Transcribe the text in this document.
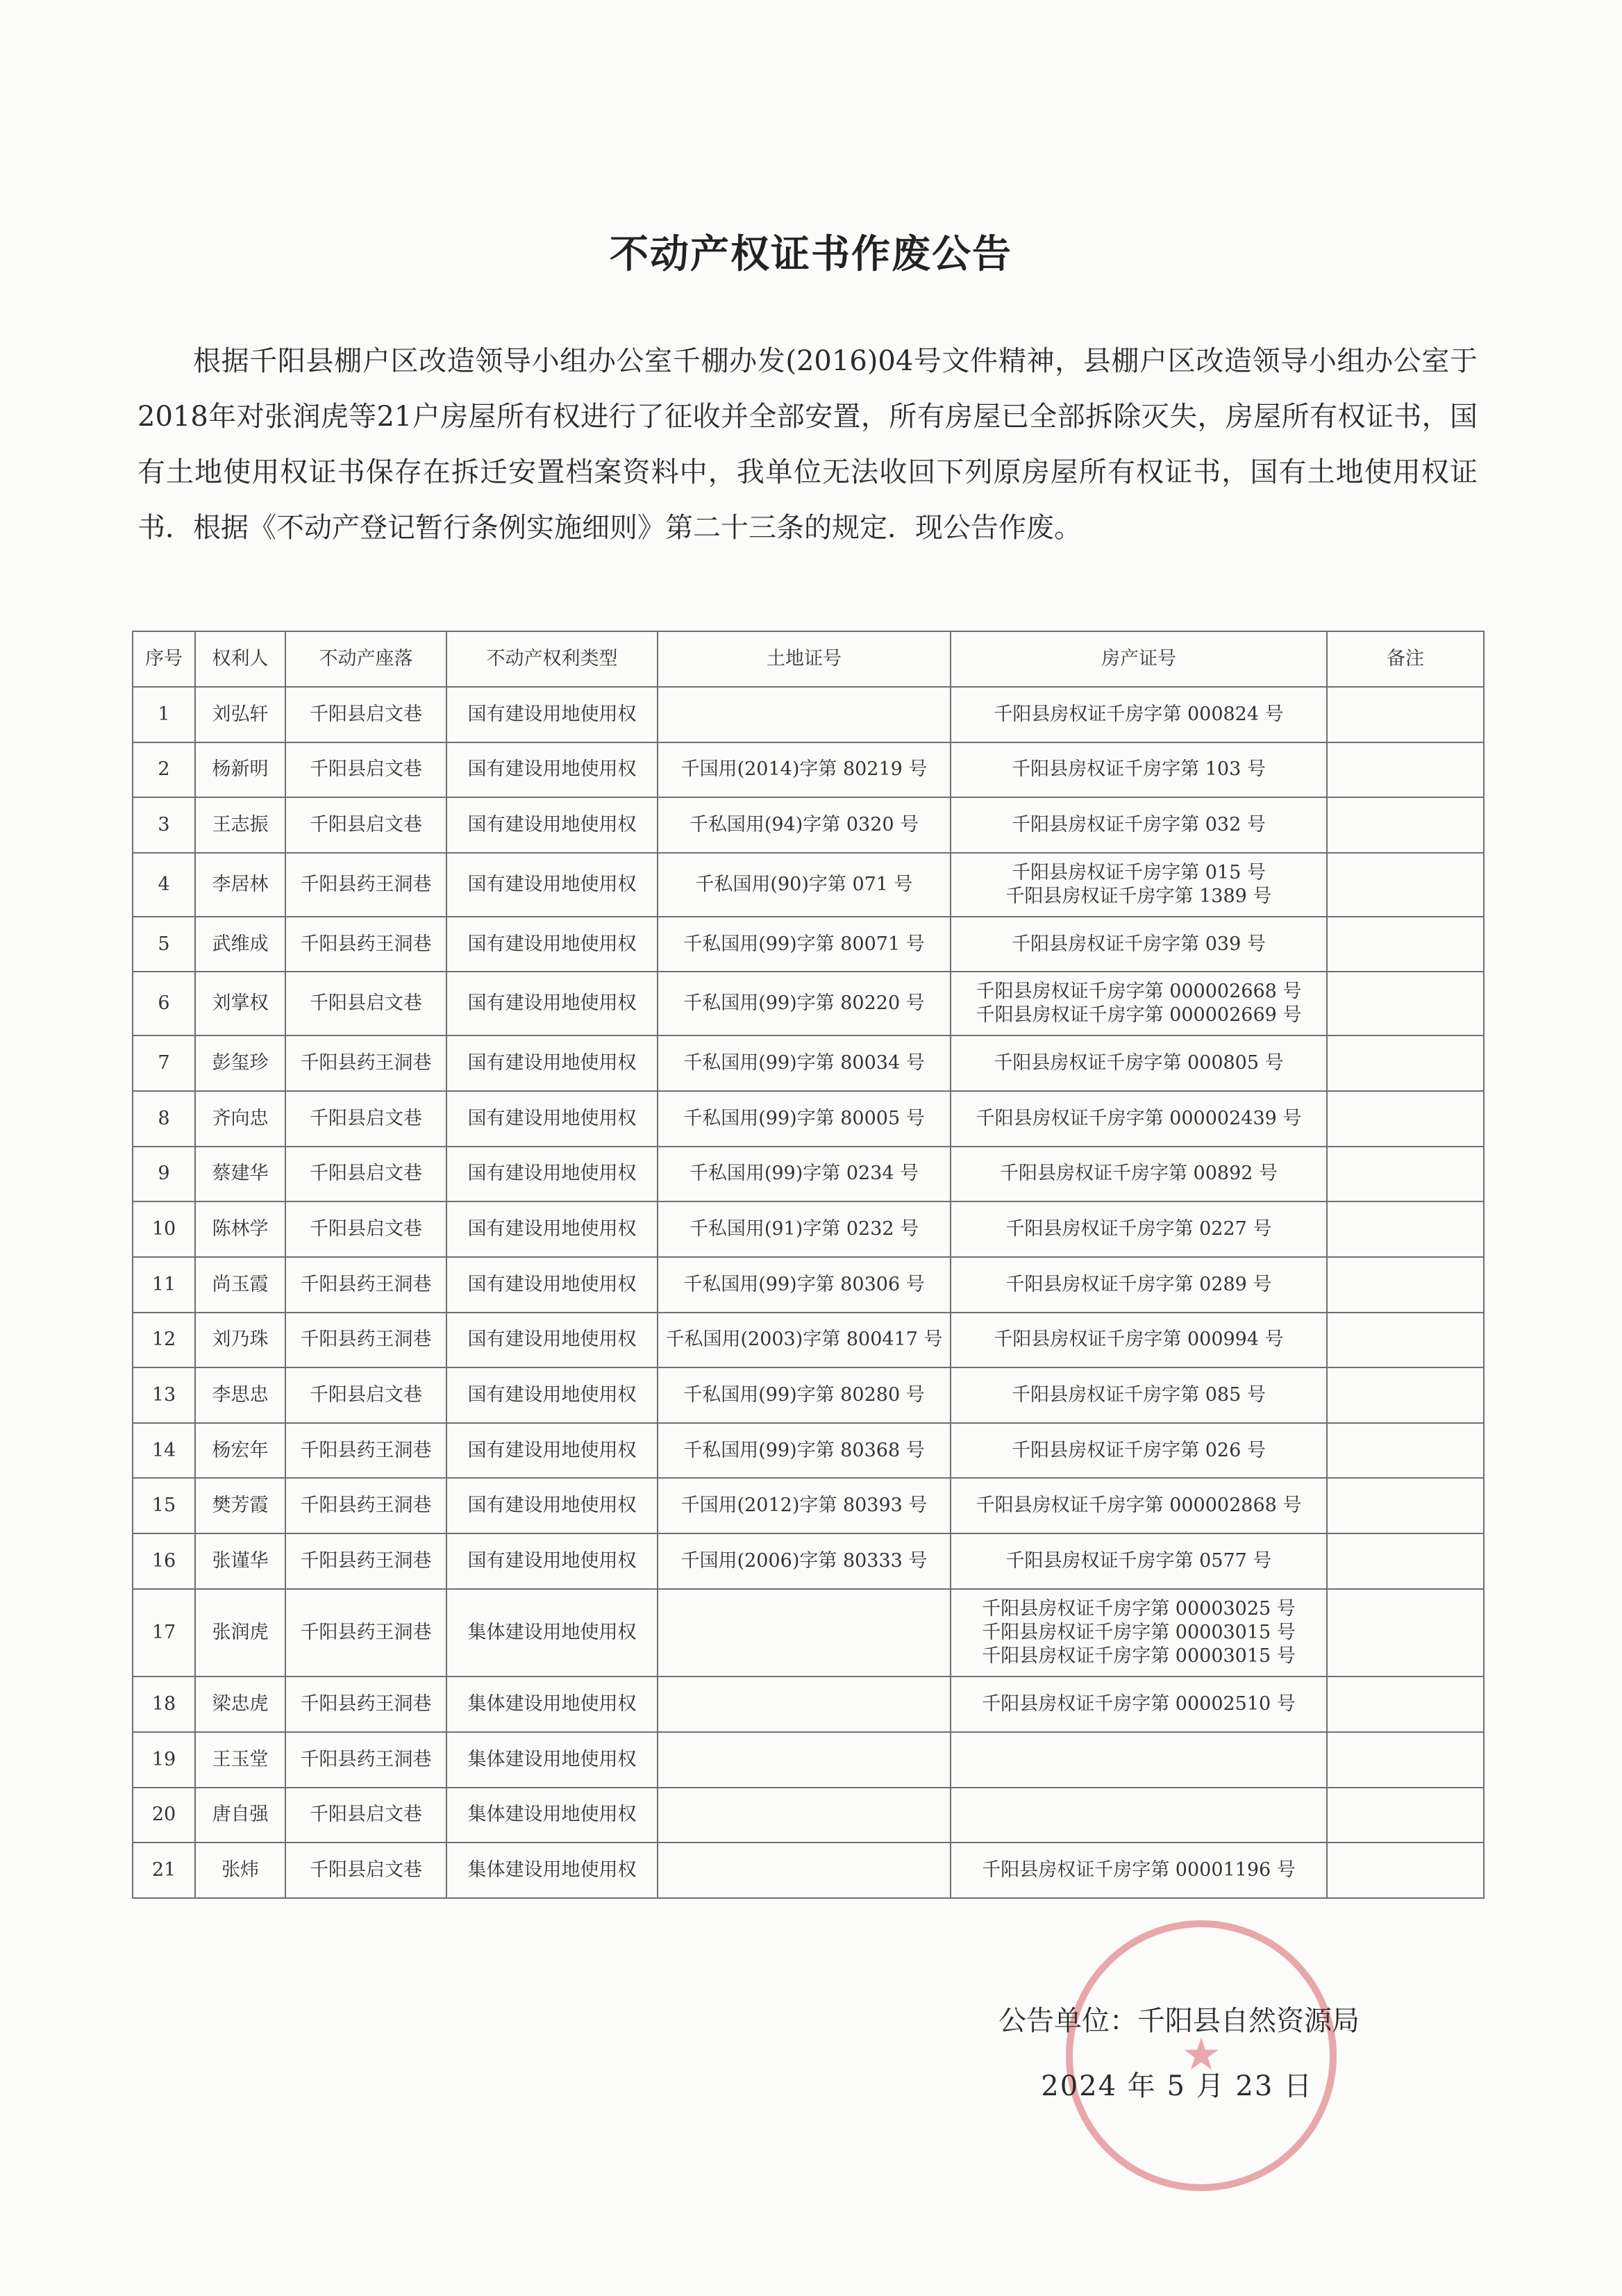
不动产权证书作废公告

根据千阳县棚户区改造领导小组办公室千棚办发(2016)04号文件精神，县棚户区改造领导小组办公室于2018年对张润虎等21户房屋所有权进行了征收并全部安置，所有房屋已全部拆除灭失，房屋所有权证书，国有土地使用权证书保存在拆迁安置档案资料中，我单位无法收回下列原房屋所有权证书，国有土地使用权证书．根据《不动产登记暂行条例实施细则》第二十三条的规定．现公告作废。

序号	权利人	不动产座落	不动产权利类型	土地证号	房产证号	备注
1	刘弘轩	千阳县启文巷	国有建设用地使用权		千阳县房权证千房字第 000824 号	

2	杨新明	千阳县启文巷	国有建设用地使用权	千国用(2014)字第 80219 号	千阳县房权证千房字第 103 号	

3	王志振	千阳县启文巷	国有建设用地使用权	千私国用(94)字第 0320 号	千阳县房权证千房字第 032 号	

4	李居林	千阳县药王洞巷	国有建设用地使用权	千私国用(90)字第 071 号	千阳县房权证千房字第 015 号
千阳县房权证千房字第 1389 号	

5	武维成	千阳县药王洞巷	国有建设用地使用权	千私国用(99)字第 80071 号	千阳县房权证千房字第 039 号	

6	刘掌权	千阳县启文巷	国有建设用地使用权	千私国用(99)字第 80220 号	千阳县房权证千房字第 000002668 号
千阳县房权证千房字第 000002669 号	

7	彭玺珍	千阳县药王洞巷	国有建设用地使用权	千私国用(99)字第 80034 号	千阳县房权证千房字第 000805 号	

8	齐向忠	千阳县启文巷	国有建设用地使用权	千私国用(99)字第 80005 号	千阳县房权证千房字第 000002439 号	

9	蔡建华	千阳县启文巷	国有建设用地使用权	千私国用(99)字第 0234 号	千阳县房权证千房字第 00892 号	

10	陈林学	千阳县启文巷	国有建设用地使用权	千私国用(91)字第 0232 号	千阳县房权证千房字第 0227 号	

11	尚玉霞	千阳县药王洞巷	国有建设用地使用权	千私国用(99)字第 80306 号	千阳县房权证千房字第 0289 号	

12	刘乃珠	千阳县药王洞巷	国有建设用地使用权	千私国用(2003)字第 800417 号	千阳县房权证千房字第 000994 号	

13	李思忠	千阳县启文巷	国有建设用地使用权	千私国用(99)字第 80280 号	千阳县房权证千房字第 085 号	

14	杨宏年	千阳县药王洞巷	国有建设用地使用权	千私国用(99)字第 80368 号	千阳县房权证千房字第 026 号	

15	樊芳霞	千阳县药王洞巷	国有建设用地使用权	千国用(2012)字第 80393 号	千阳县房权证千房字第 000002868 号	

16	张谨华	千阳县药王洞巷	国有建设用地使用权	千国用(2006)字第 80333 号	千阳县房权证千房字第 0577 号	

17	张润虎	千阳县药王洞巷	集体建设用地使用权		千阳县房权证千房字第 00003025 号
千阳县房权证千房字第 00003015 号
千阳县房权证千房字第 00003015 号	

18	梁忠虎	千阳县药王洞巷	集体建设用地使用权		千阳县房权证千房字第 00002510 号	

19	王玉堂	千阳县药王洞巷	集体建设用地使用权			
20	唐自强	千阳县启文巷	集体建设用地使用权			
21	张炜	千阳县启文巷	集体建设用地使用权		千阳县房权证千房字第 00001196 号	

★
公告单位：千阳县自然资源局
2024 年 5 月 23 日
